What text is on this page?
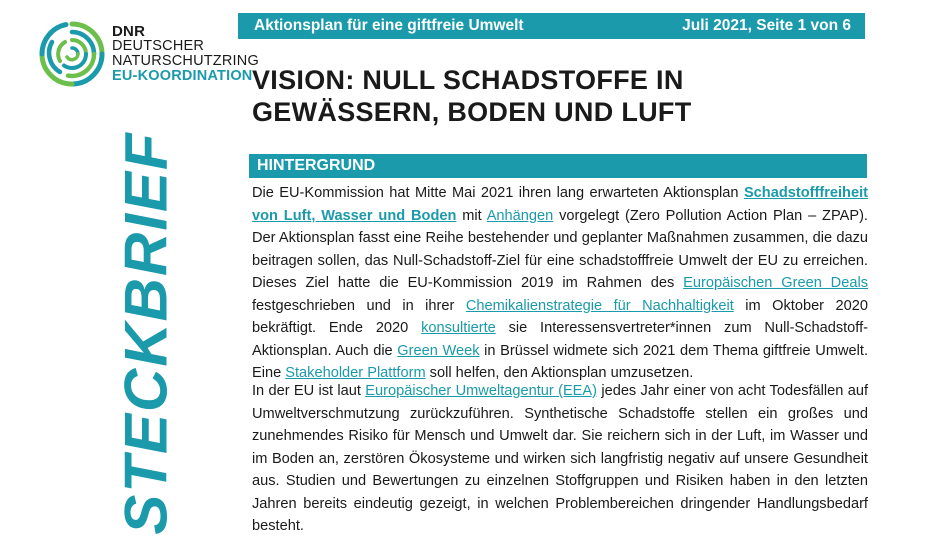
DNR
DEUTSCHER
NATURSCHUTZRING
EU-KOORDINATION
STECKBRIEF
Aktionsplan für eine giftfreie Umwelt	Juli 2021, Seite 1 von 6
VISION: NULL SCHADSTOFFE IN GEWÄSSERN, BODEN UND LUFT
HINTERGRUND
Die EU-Kommission hat Mitte Mai 2021 ihren lang erwarteten Aktionsplan Schadstofffreiheit von Luft, Wasser und Boden mit Anhängen vorgelegt (Zero Pollution Action Plan – ZPAP). Der Aktionsplan fasst eine Reihe bestehender und geplanter Maßnahmen zusammen, die dazu beitragen sollen, das Null-Schadstoff-Ziel für eine schadstofffreie Umwelt der EU zu erreichen. Dieses Ziel hatte die EU-Kommission 2019 im Rahmen des Europäischen Green Deals festgeschrieben und in ihrer Chemikalienstrategie für Nachhaltigkeit im Oktober 2020 bekräftigt. Ende 2020 konsultierte sie Interessensvertreter*innen zum Null-Schadstoff-Aktionsplan. Auch die Green Week in Brüssel widmete sich 2021 dem Thema giftfreie Umwelt. Eine Stakeholder Plattform soll helfen, den Aktionsplan umzusetzen.
In der EU ist laut Europäischer Umweltagentur (EEA) jedes Jahr einer von acht Todesfällen auf Umweltverschmutzung zurückzuführen. Synthetische Schadstoffe stellen ein großes und zunehmendes Risiko für Mensch und Umwelt dar. Sie reichern sich in der Luft, im Wasser und im Boden an, zerstören Ökosysteme und wirken sich langfristig negativ auf unsere Gesundheit aus. Studien und Bewertungen zu einzelnen Stoffgruppen und Risiken haben in den letzten Jahren bereits eindeutig gezeigt, in welchen Problembereichen dringender Handlungsbedarf besteht.
